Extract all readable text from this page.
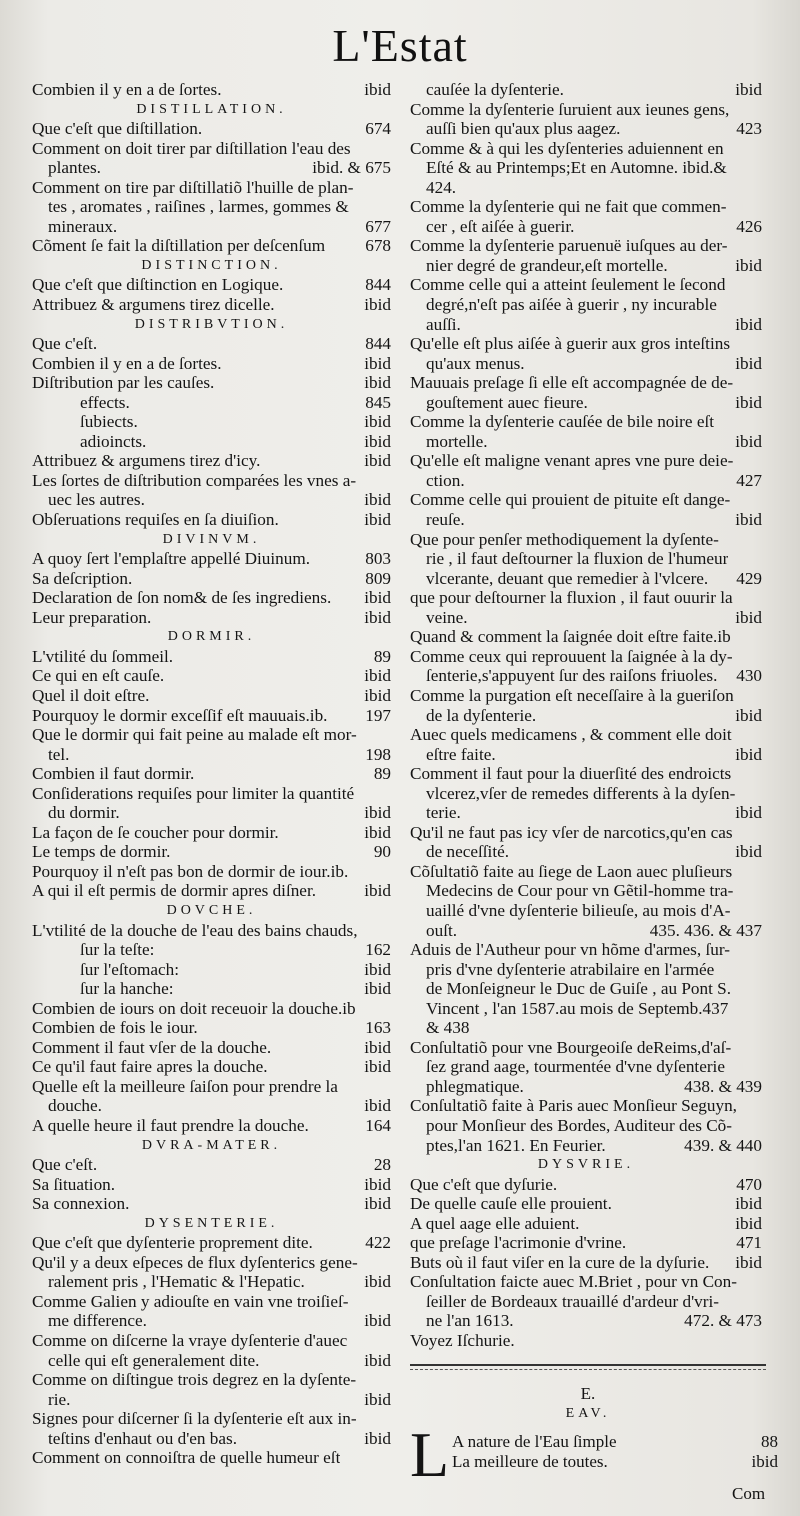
L'Estat
Combien il y en a de ſortes.	ibid
DISTILLATION.
Que c'eſt que diſtillation.	674
Comment on doit tirer par diſtillation l'eau des
plantes.	ibid. & 675
Comment on tire par diſtillatiõ l'huille de plan-
tes , aromates , raiſines , larmes, gommes &
mineraux.	677
Cõment ſe fait la diſtillation per deſcenſum	678
DISTINCTION.
Que c'eſt que diſtinction en Logique.	844
Attribuez & argumens tirez dicelle.	ibid
DISTRIBVTION.
Que c'eſt.	844
Combien il y en a de ſortes.	ibid
Diſtribution par les cauſes.	ibid
effects.	845
ſubiects.	ibid
adioincts.	ibid
Attribuez & argumens tirez d'icy.	ibid
Les ſortes de diſtribution comparées les vnes a-
uec les autres.	ibid
Obſeruations requiſes en ſa diuiſion.	ibid
DIVINVM.
A quoy ſert l'emplaſtre appellé Diuinum.	803
Sa deſcription.	809
Declaration de ſon nom& de ſes ingrediens.	ibid
Leur preparation.	ibid
DORMIR.
L'vtilité du ſommeil.	89
Ce qui en eſt cauſe.	ibid
Quel il doit eſtre.	ibid
Pourquoy le dormir exceſſif eſt mauuais.ib.	197
Que le dormir qui fait peine au malade eſt mor-
tel.	198
Combien il faut dormir.	89
Conſiderations requiſes pour limiter la quantité
du dormir.	ibid
La façon de ſe coucher pour dormir.	ibid
Le temps de dormir.	90
Pourquoy il n'eſt pas bon de dormir de iour.ib.
A qui il eſt permis de dormir apres diſner.	ibid
DOVCHE.
L'vtilité de la douche de l'eau des bains chauds,
ſur la teſte:	162
ſur l'eſtomach:	ibid
ſur la hanche:	ibid
Combien de iours on doit receuoir la douche.ib
Combien de fois le iour.	163
Comment il faut vſer de la douche.	ibid
Ce qu'il faut faire apres la douche.	ibid
Quelle eſt la meilleure ſaiſon pour prendre la
douche.	ibid
A quelle heure il faut prendre la douche.	164
DVRA-MATER.
Que c'eſt.	28
Sa ſituation.	ibid
Sa connexion.	ibid
DYSENTERIE.
Que c'eſt que dyſenterie proprement dite.	422
Qu'il y a deux eſpeces de flux dyſenterics gene-
ralement pris , l'Hematic & l'Hepatic.	ibid
Comme Galien y adiouſte en vain vne troiſieſ-
me difference.	ibid
Comme on diſcerne la vraye dyſenterie d'auec
celle qui eſt generalement dite.	ibid
Comme on diſtingue trois degrez en la dyſente-
rie.	ibid
Signes pour diſcerner ſi la dyſenterie eſt aux in-
teſtins d'enhaut ou d'en bas.	ibid
Comment on connoiſtra de quelle humeur eſt
cauſée la dyſenterie.	ibid
Comme la dyſenterie ſuruient aux ieunes gens,
auſſi bien qu'aux plus aagez.	423
Comme & à qui les dyſenteries aduiennent en
Eſté & au Printemps;Et en Automne. ibid.&
424.
Comme la dyſenterie qui ne fait que commen-
cer , eſt aiſée à guerir.	426
Comme la dyſenterie paruenuë iuſques au der-
nier degré de grandeur,eſt mortelle.	ibid
Comme celle qui a atteint ſeulement le ſecond
degré,n'eſt pas aiſée à guerir , ny incurable
auſſi.	ibid
Qu'elle eſt plus aiſée à guerir aux gros inteſtins
qu'aux menus.	ibid
Mauuais preſage ſi elle eſt accompagnée de de-
gouſtement auec fieure.	ibid
Comme la dyſenterie cauſée de bile noire eſt
mortelle.	ibid
Qu'elle eſt maligne venant apres vne pure deie-
ction.	427
Comme celle qui prouient de pituite eſt dange-
reuſe.	ibid
Que pour penſer methodiquement la dyſente-
rie , il faut deſtourner la fluxion de l'humeur
vlcerante, deuant que remedier à l'vlcere.	429
que pour deſtourner la fluxion , il faut ouurir la
veine.	ibid
Quand & comment la ſaignée doit eſtre faite.ib
Comme ceux qui reprouuent la ſaignée à la dy-
ſenterie,s'appuyent ſur des raiſons friuoles.	430
Comme la purgation eſt neceſſaire à la gueriſon
de la dyſenterie.	ibid
Auec quels medicamens , & comment elle doit
eſtre faite.	ibid
Comment il faut pour la diuerſité des endroicts
vlcerez,vſer de remedes differents à la dyſen-
terie.	ibid
Qu'il ne faut pas icy vſer de narcotics,qu'en cas
de neceſſité.	ibid
Cõſultatiõ faite au ſiege de Laon auec pluſieurs
Medecins de Cour pour vn Gẽtil-homme tra-
uaillé d'vne dyſenterie bilieuſe, au mois d'A-
ouſt.	435. 436. & 437
Aduis de l'Autheur pour vn hõme d'armes, ſur-
pris d'vne dyſenterie atrabilaire en l'armée
de Monſeigneur le Duc de Guiſe , au Pont S.
Vincent , l'an 1587.au mois de Septemb.437
& 438
Conſultatiõ pour vne Bourgeoiſe deReims,d'aſ-
ſez grand aage, tourmentée d'vne dyſenterie
phlegmatique.	438. & 439
Conſultatiõ faite à Paris auec Monſieur Seguyn,
pour Monſieur des Bordes, Auditeur des Cõ-
ptes,l'an 1621. En Feurier.	439. & 440
DYSVRIE.
Que c'eſt que dyſurie.	470
De quelle cauſe elle prouient.	ibid
A quel aage elle aduient.	ibid
que preſage l'acrimonie d'vrine.	471
Buts où il faut viſer en la cure de la dyſurie.	ibid
Conſultation faicte auec M.Briet , pour vn Con-
ſeiller de Bordeaux trauaillé d'ardeur d'vri-
ne l'an 1613.	472. & 473
Voyez Iſchurie.
E.
EAV.
L A nature de l'Eau ſimple	88
La meilleure de toutes.	ibid
Com
